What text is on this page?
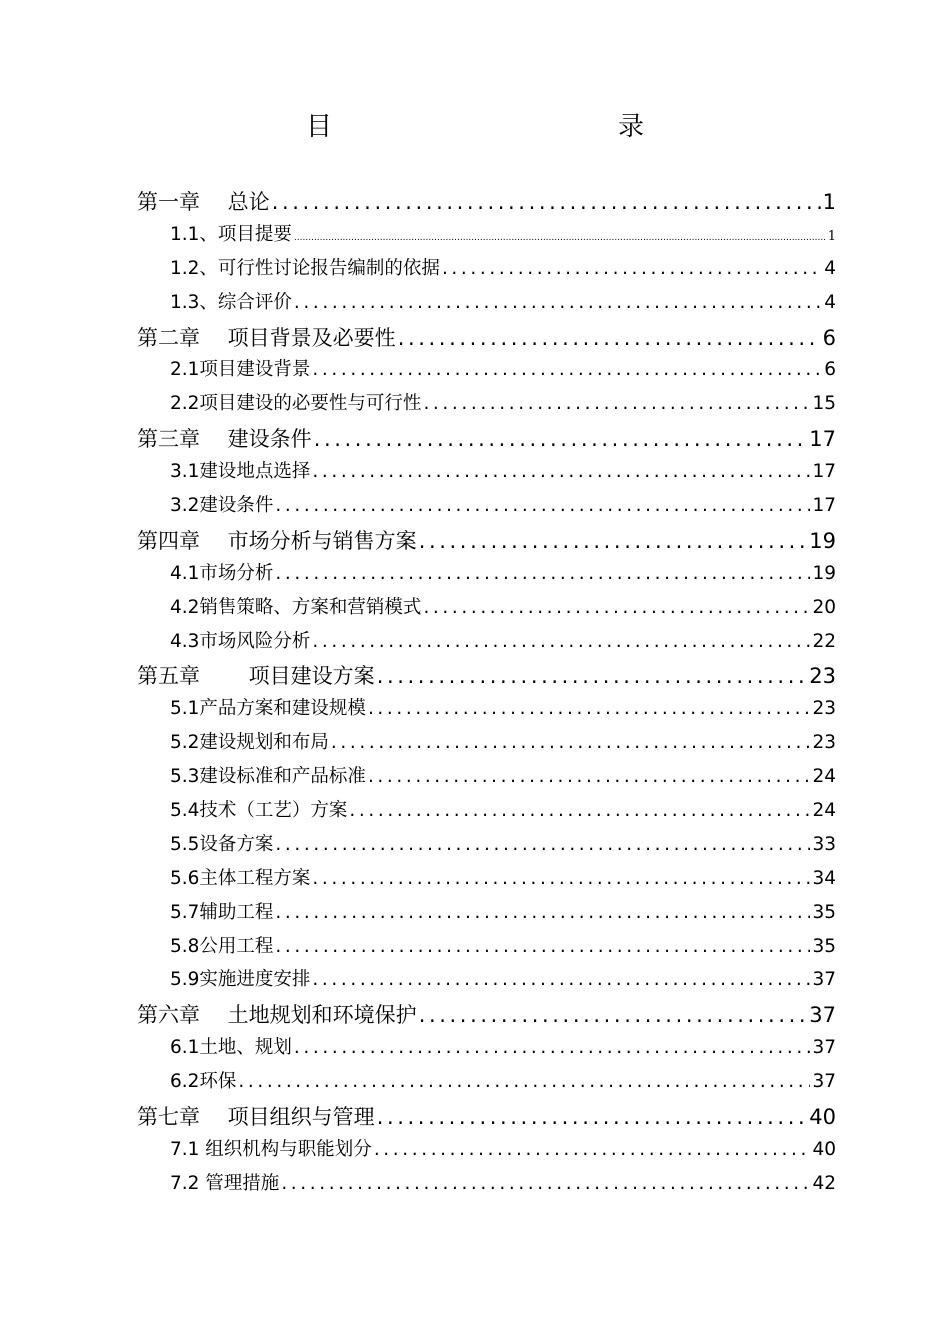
目　　录
第一章　 总论 .....	1
1.1、项目提要 .....	1
1.2、可行性讨论报告编制的依据 .....	4
1.3、综合评价 .....	4
第二章　 项目背景及必要性 .....	6
2.1项目建设背景 .....	6
2.2项目建设的必要性与可行性 .....	15
第三章　 建设条件 .....	17
3.1建设地点选择 .....	17
3.2建设条件 .....	17
第四章　 市场分析与销售方案 .....	19
4.1市场分析 .....	19
4.2销售策略、方案和营销模式 .....	20
4.3市场风险分析 .....	22
第五章　　 项目建设方案 .....	23
5.1产品方案和建设规模 .....	23
5.2建设规划和布局 .....	23
5.3建设标准和产品标准 .....	24
5.4技术（工艺）方案 .....	24
5.5设备方案 .....	33
5.6主体工程方案 .....	34
5.7辅助工程 .....	35
5.8公用工程 .....	35
5.9实施进度安排 .....	37
第六章　 土地规划和环境保护 .....	37
6.1土地、规划 .....	37
6.2环保 .....	37
第七章　 项目组织与管理 .....	40
7.1 组织机构与职能划分 .....	40
7.2 管理措施 .....	42
